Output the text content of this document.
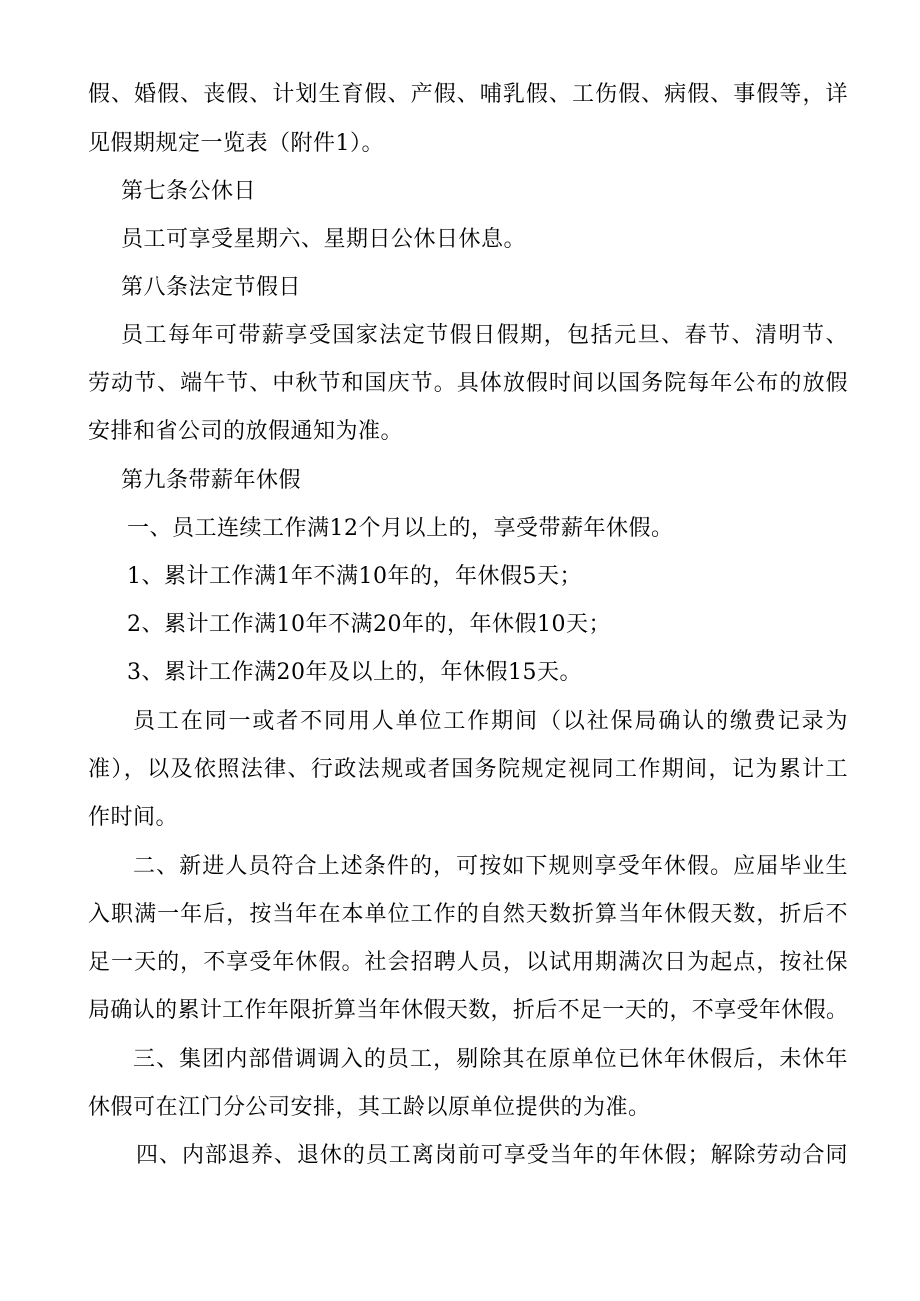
假、婚假、丧假、计划生育假、产假、哺乳假、工伤假、病假、事假等，详
见假期规定一览表（附件1）。
第七条公休日
员工可享受星期六、星期日公休日休息。
第八条法定节假日
员工每年可带薪享受国家法定节假日假期，包括元旦、春节、清明节、
劳动节、端午节、中秋节和国庆节。具体放假时间以国务院每年公布的放假
安排和省公司的放假通知为准。
第九条带薪年休假
一、员工连续工作满12个月以上的，享受带薪年休假。
1、累计工作满1年不满10年的，年休假5天；
2、累计工作满10年不满20年的，年休假10天；
3、累计工作满20年及以上的，年休假15天。
员工在同一或者不同用人单位工作期间（以社保局确认的缴费记录为
准），以及依照法律、行政法规或者国务院规定视同工作期间，记为累计工
作时间。
二、新进人员符合上述条件的，可按如下规则享受年休假。应届毕业生
入职满一年后，按当年在本单位工作的自然天数折算当年休假天数，折后不
足一天的，不享受年休假。社会招聘人员，以试用期满次日为起点，按社保
局确认的累计工作年限折算当年休假天数，折后不足一天的，不享受年休假。
三、集团内部借调调入的员工，剔除其在原单位已休年休假后，未休年
休假可在江门分公司安排，其工龄以原单位提供的为准。
四、内部退养、退休的员工离岗前可享受当年的年休假；解除劳动合同
